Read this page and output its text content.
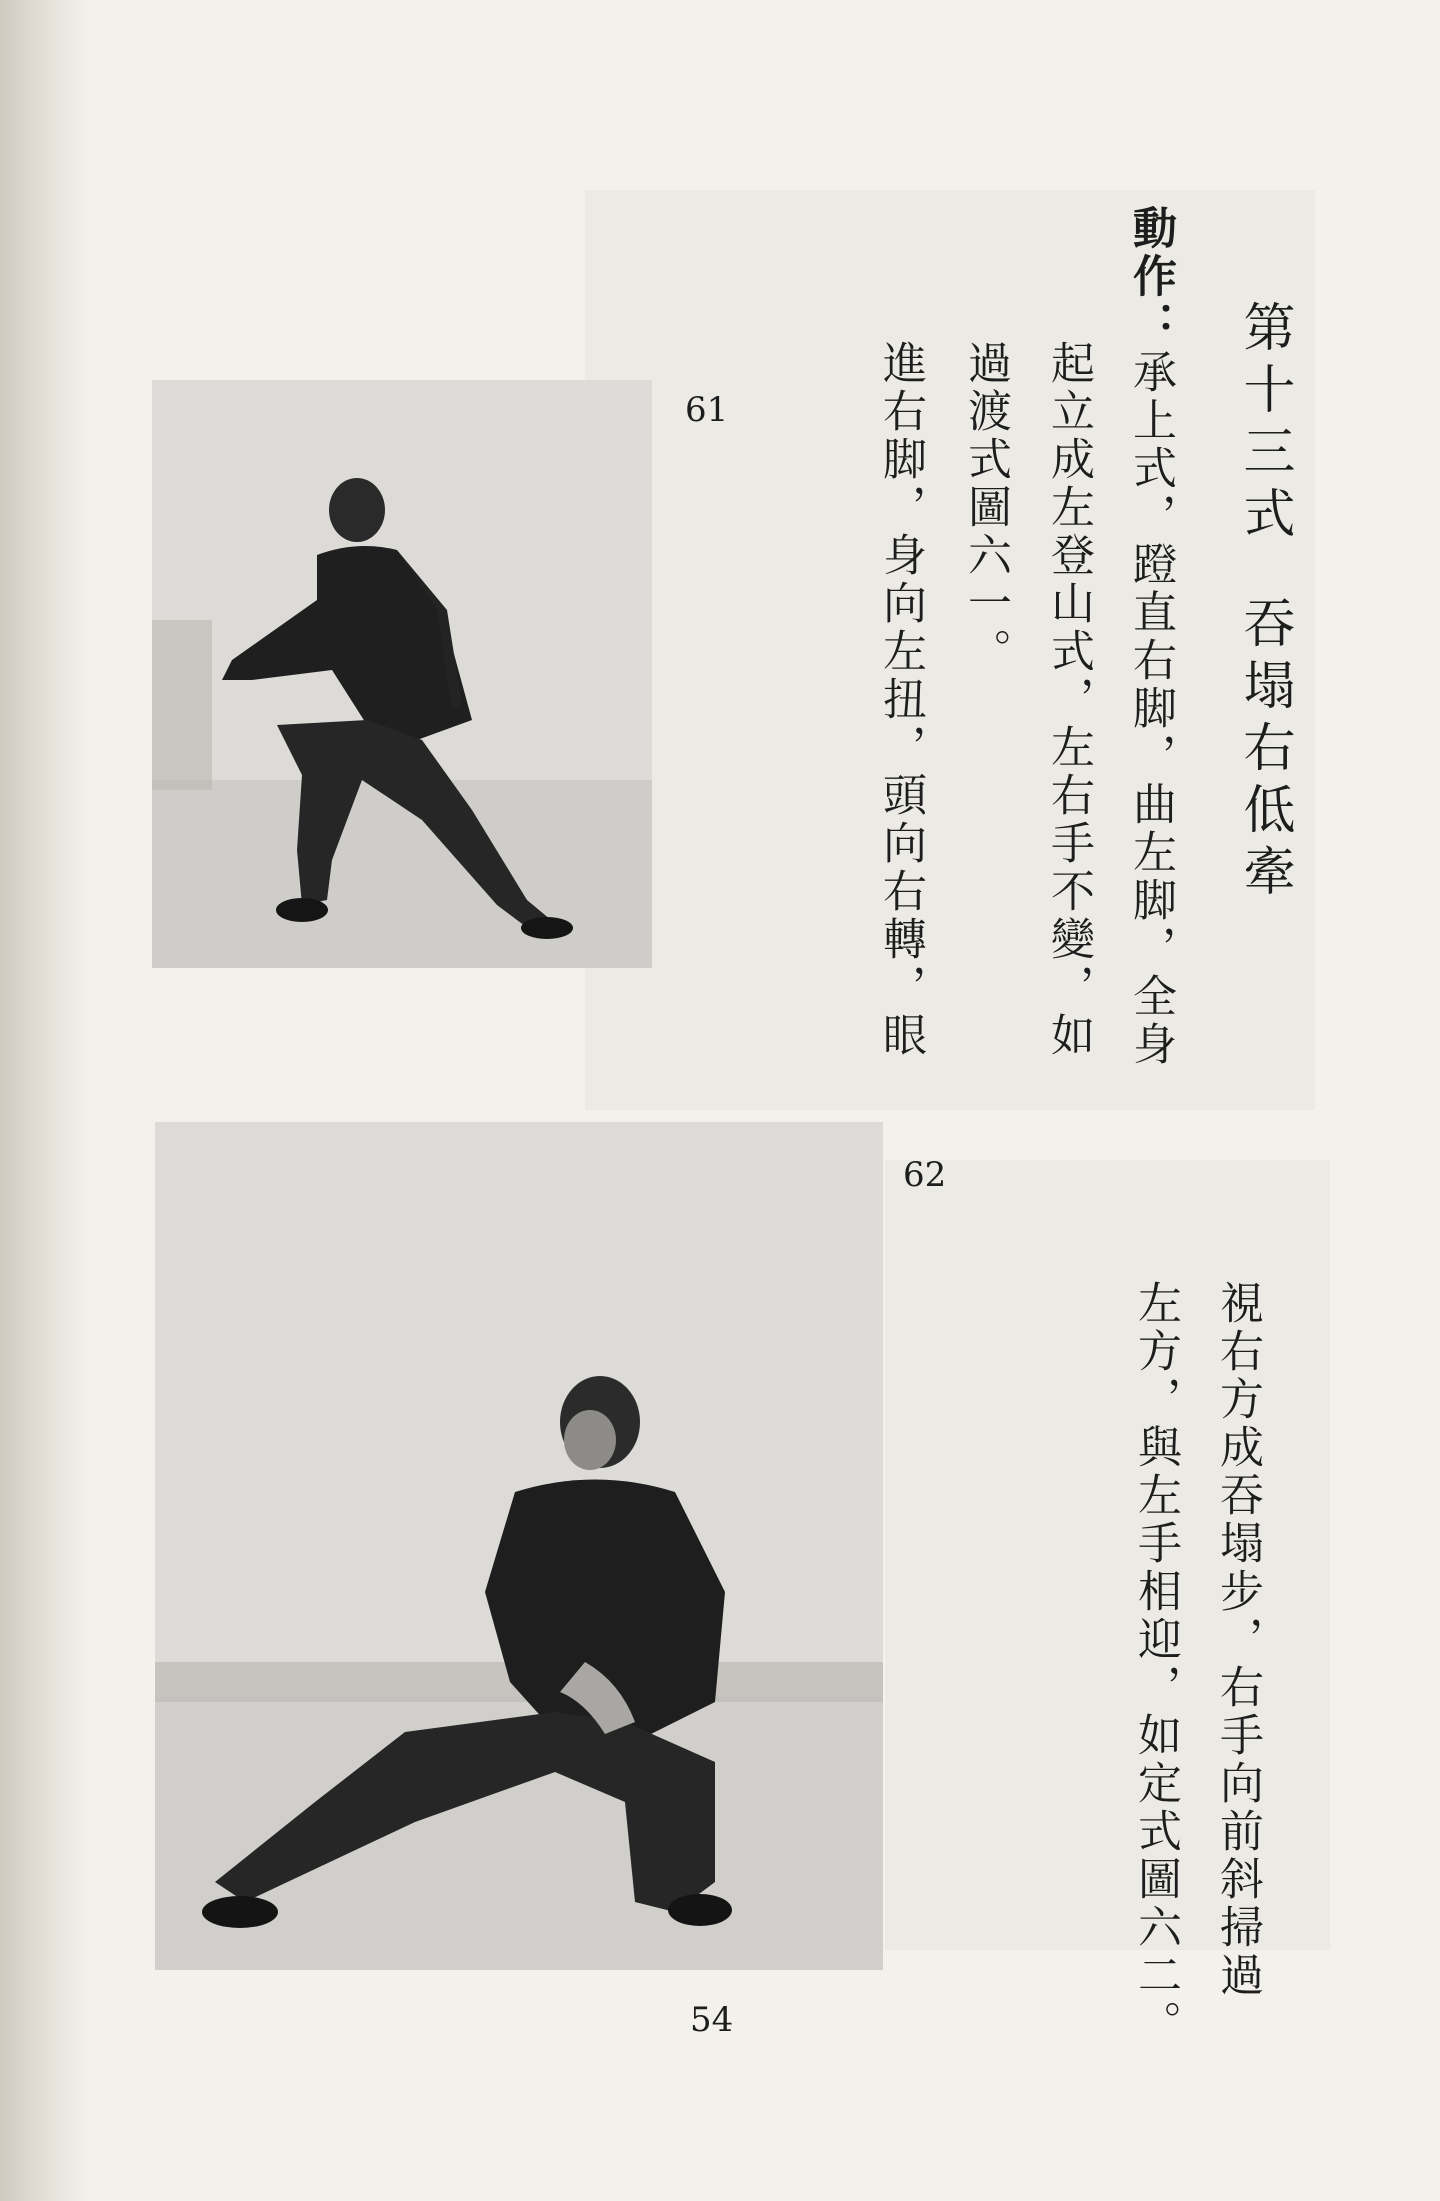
第十三式吞塌右低牽
動作：承上式，蹬直右脚，曲左脚，全身
起立成左登山式，左右手不變，如
過渡式圖六一。
進右脚，身向左扭，頭向右轉，眼
視右方成吞塌步，右手向前斜掃過
左方，與左手相迎，如定式圖六二。
61
62
54
